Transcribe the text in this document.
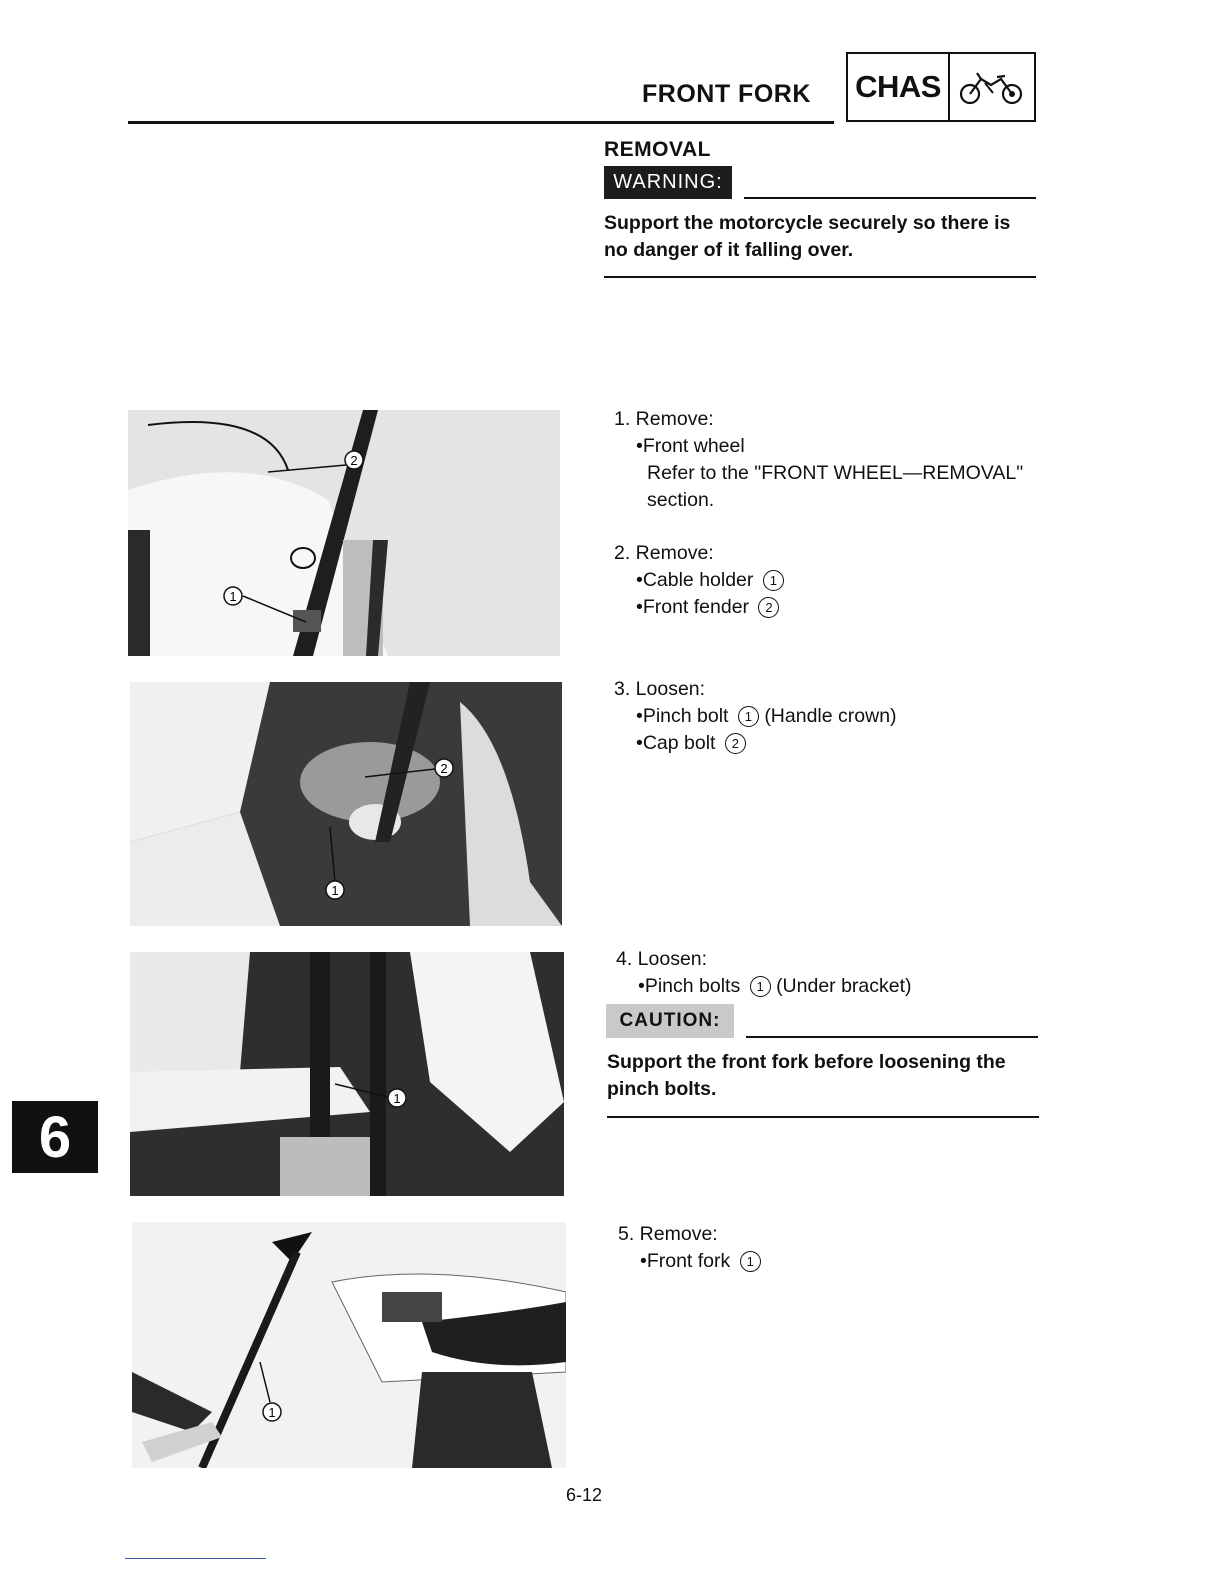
FRONT FORK CHAS
REMOVAL
WARNING:
Support the motorcycle securely so there is
no danger of it falling over.
2
1
2
1
1
1
1. Remove:
•Front wheel
Refer to the "FRONT WHEEL—REMOVAL"
section.
2. Remove:
•Cable holder 1
•Front fender 2
3. Loosen:
•Pinch bolt 1 (Handle crown)
•Cap bolt 2
4. Loosen:
•Pinch bolts 1 (Under bracket)
CAUTION:
Support the front fork before loosening the
pinch bolts.
5. Remove:
•Front fork 1
6
6-12
